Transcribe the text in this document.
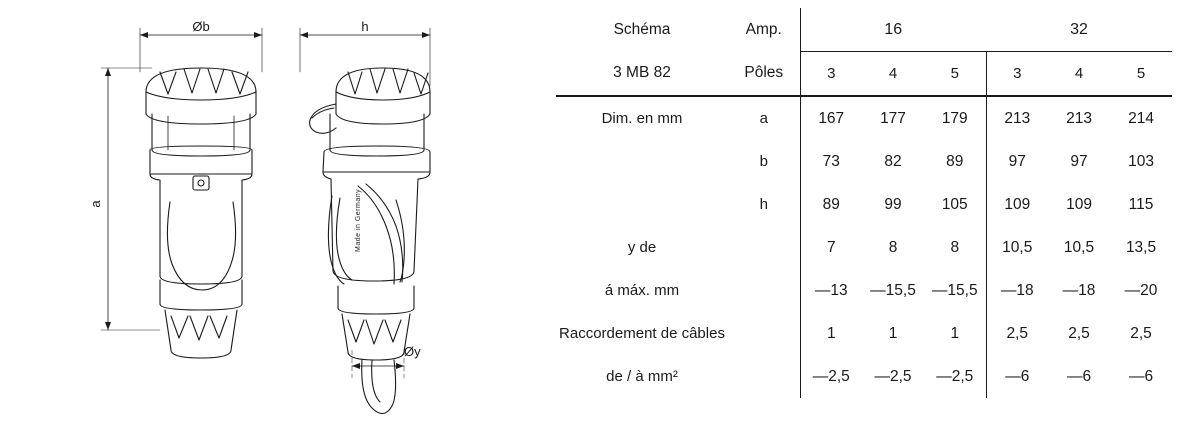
Made in Germany
Øb	h
a
Øy
Schéma	Amp.	16			32		
3 MB 82	Pôles	3	4	5	3	4	5
Dim. en mm	a	167	177	179	213	213	214
	b	73	82	89	97	97	103
	h	89	99	105	109	109	115
y de		7	8	8	10,5	10,5	13,5
á máx. mm		—13	—15,5	—15,5	—18	—18	—20
Raccordement de câbles		1	1	1	2,5	2,5	2,5
de / à mm²		—2,5	—2,5	—2,5	—6	—6	—6
